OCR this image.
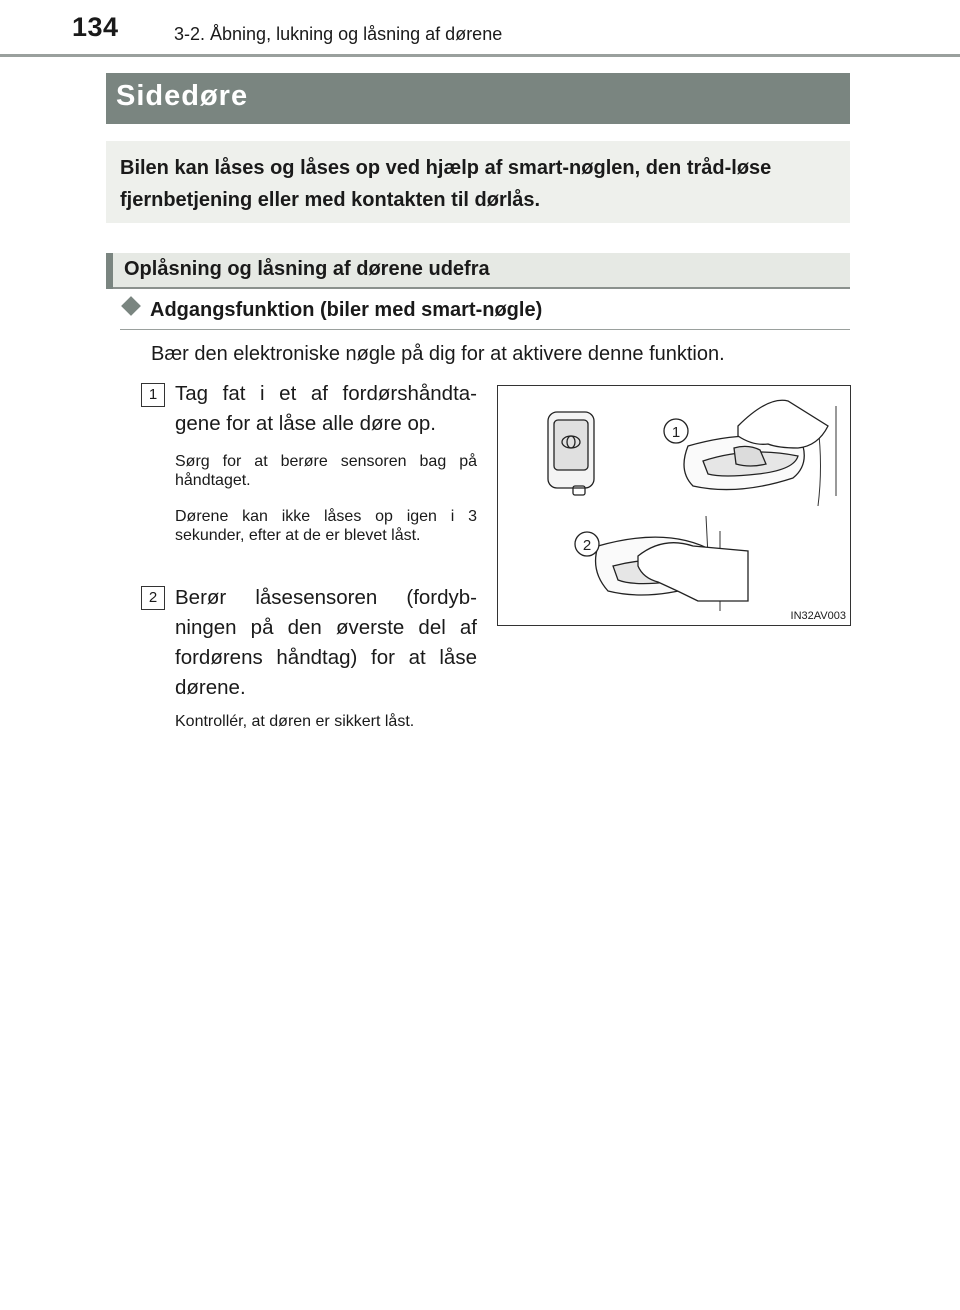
134	3-2. Åbning, lukning og låsning af dørene
Sidedøre
Bilen kan låses og låses op ved hjælp af smart-nøglen, den tråd-løse fjernbetjening eller med kontakten til dørlås.
Oplåsning og låsning af dørene udefra
Adgangsfunktion (biler med smart-nøgle)
Bær den elektroniske nøgle på dig for at aktivere denne funktion.
1 Tag fat i et af fordørshåndta-gene for at låse alle døre op.
Sørg for at berøre sensoren bag på håndtaget.
Dørene kan ikke låses op igen i 3 sekunder, efter at de er blevet låst.
2 Berør låsesensoren (fordyb-ningen på den øverste del af fordørens håndtag) for at låse dørene.
Kontrollér, at døren er sikkert låst.
1
2
IN32AV003
